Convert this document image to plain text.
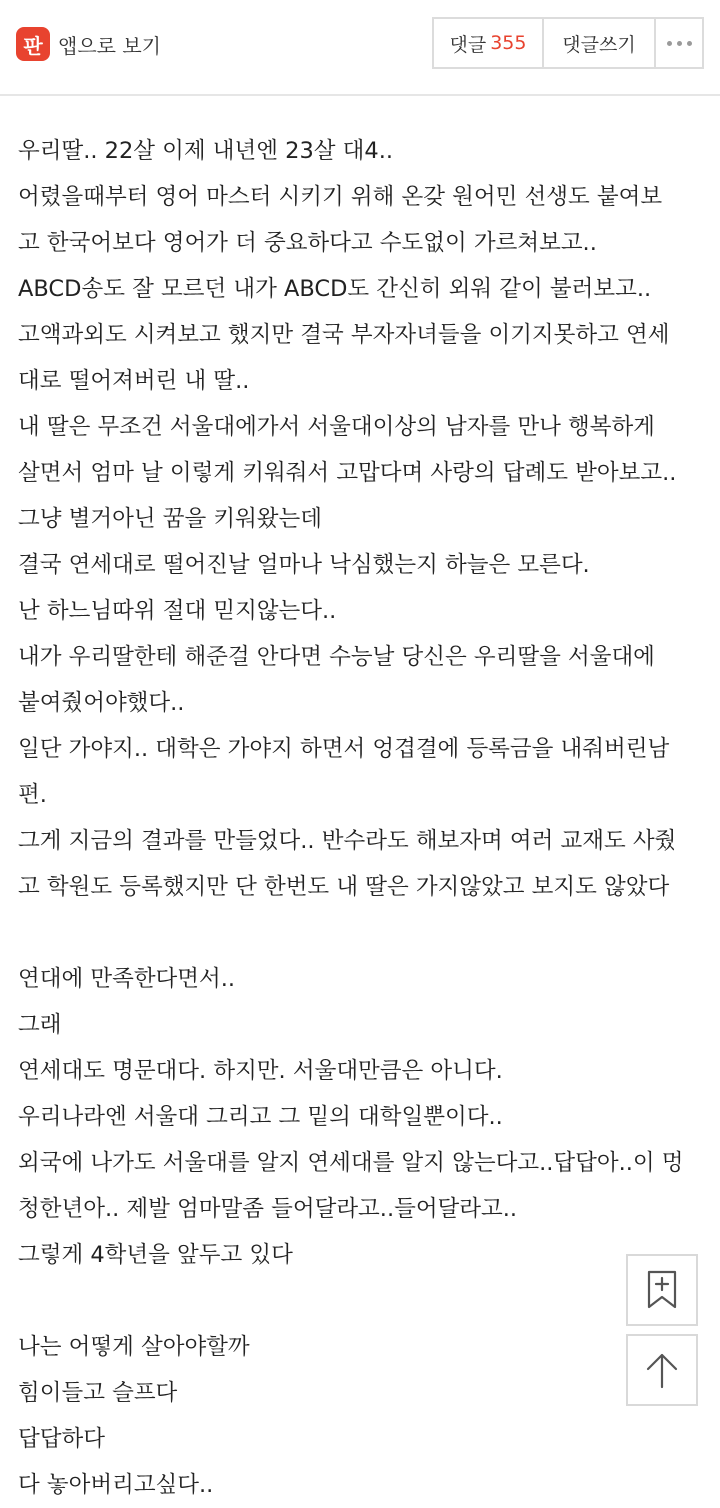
판 앱으로 보기	댓글 355 댓글쓰기
우리딸.. 22살 이제 내년엔 23살 대4..
어렸을때부터 영어 마스터 시키기 위해 온갖 원어민 선생도 붙여보
고 한국어보다 영어가 더 중요하다고 수도없이 가르쳐보고..
ABCD송도 잘 모르던 내가 ABCD도 간신히 외워 같이 불러보고..
고액과외도 시켜보고 했지만 결국 부자자녀들을 이기지못하고 연세
대로 떨어져버린 내 딸..
내 딸은 무조건 서울대에가서 서울대이상의 남자를 만나 행복하게
살면서 엄마 날 이렇게 키워줘서 고맙다며 사랑의 답례도 받아보고..
그냥 별거아닌 꿈을 키워왔는데
결국 연세대로 떨어진날 얼마나 낙심했는지 하늘은 모른다.
난 하느님따위 절대 믿지않는다..
내가 우리딸한테 해준걸 안다면 수능날 당신은 우리딸을 서울대에
붙여줬어야했다..
일단 가야지.. 대학은 가야지 하면서 엉겹결에 등록금을 내줘버린남
편.
그게 지금의 결과를 만들었다.. 반수라도 해보자며 여러 교재도 사줬
고 학원도 등록했지만 단 한번도 내 딸은 가지않았고 보지도 않았다
연대에 만족한다면서..
그래
연세대도 명문대다. 하지만. 서울대만큼은 아니다.
우리나라엔 서울대 그리고 그 밑의 대학일뿐이다..
외국에 나가도 서울대를 알지 연세대를 알지 않는다고..답답아..이 멍
청한년아.. 제발 엄마말좀 들어달라고..들어달라고..
그렇게 4학년을 앞두고 있다
나는 어떻게 살아야할까
힘이들고 슬프다
답답하다
다 놓아버리고싶다..
